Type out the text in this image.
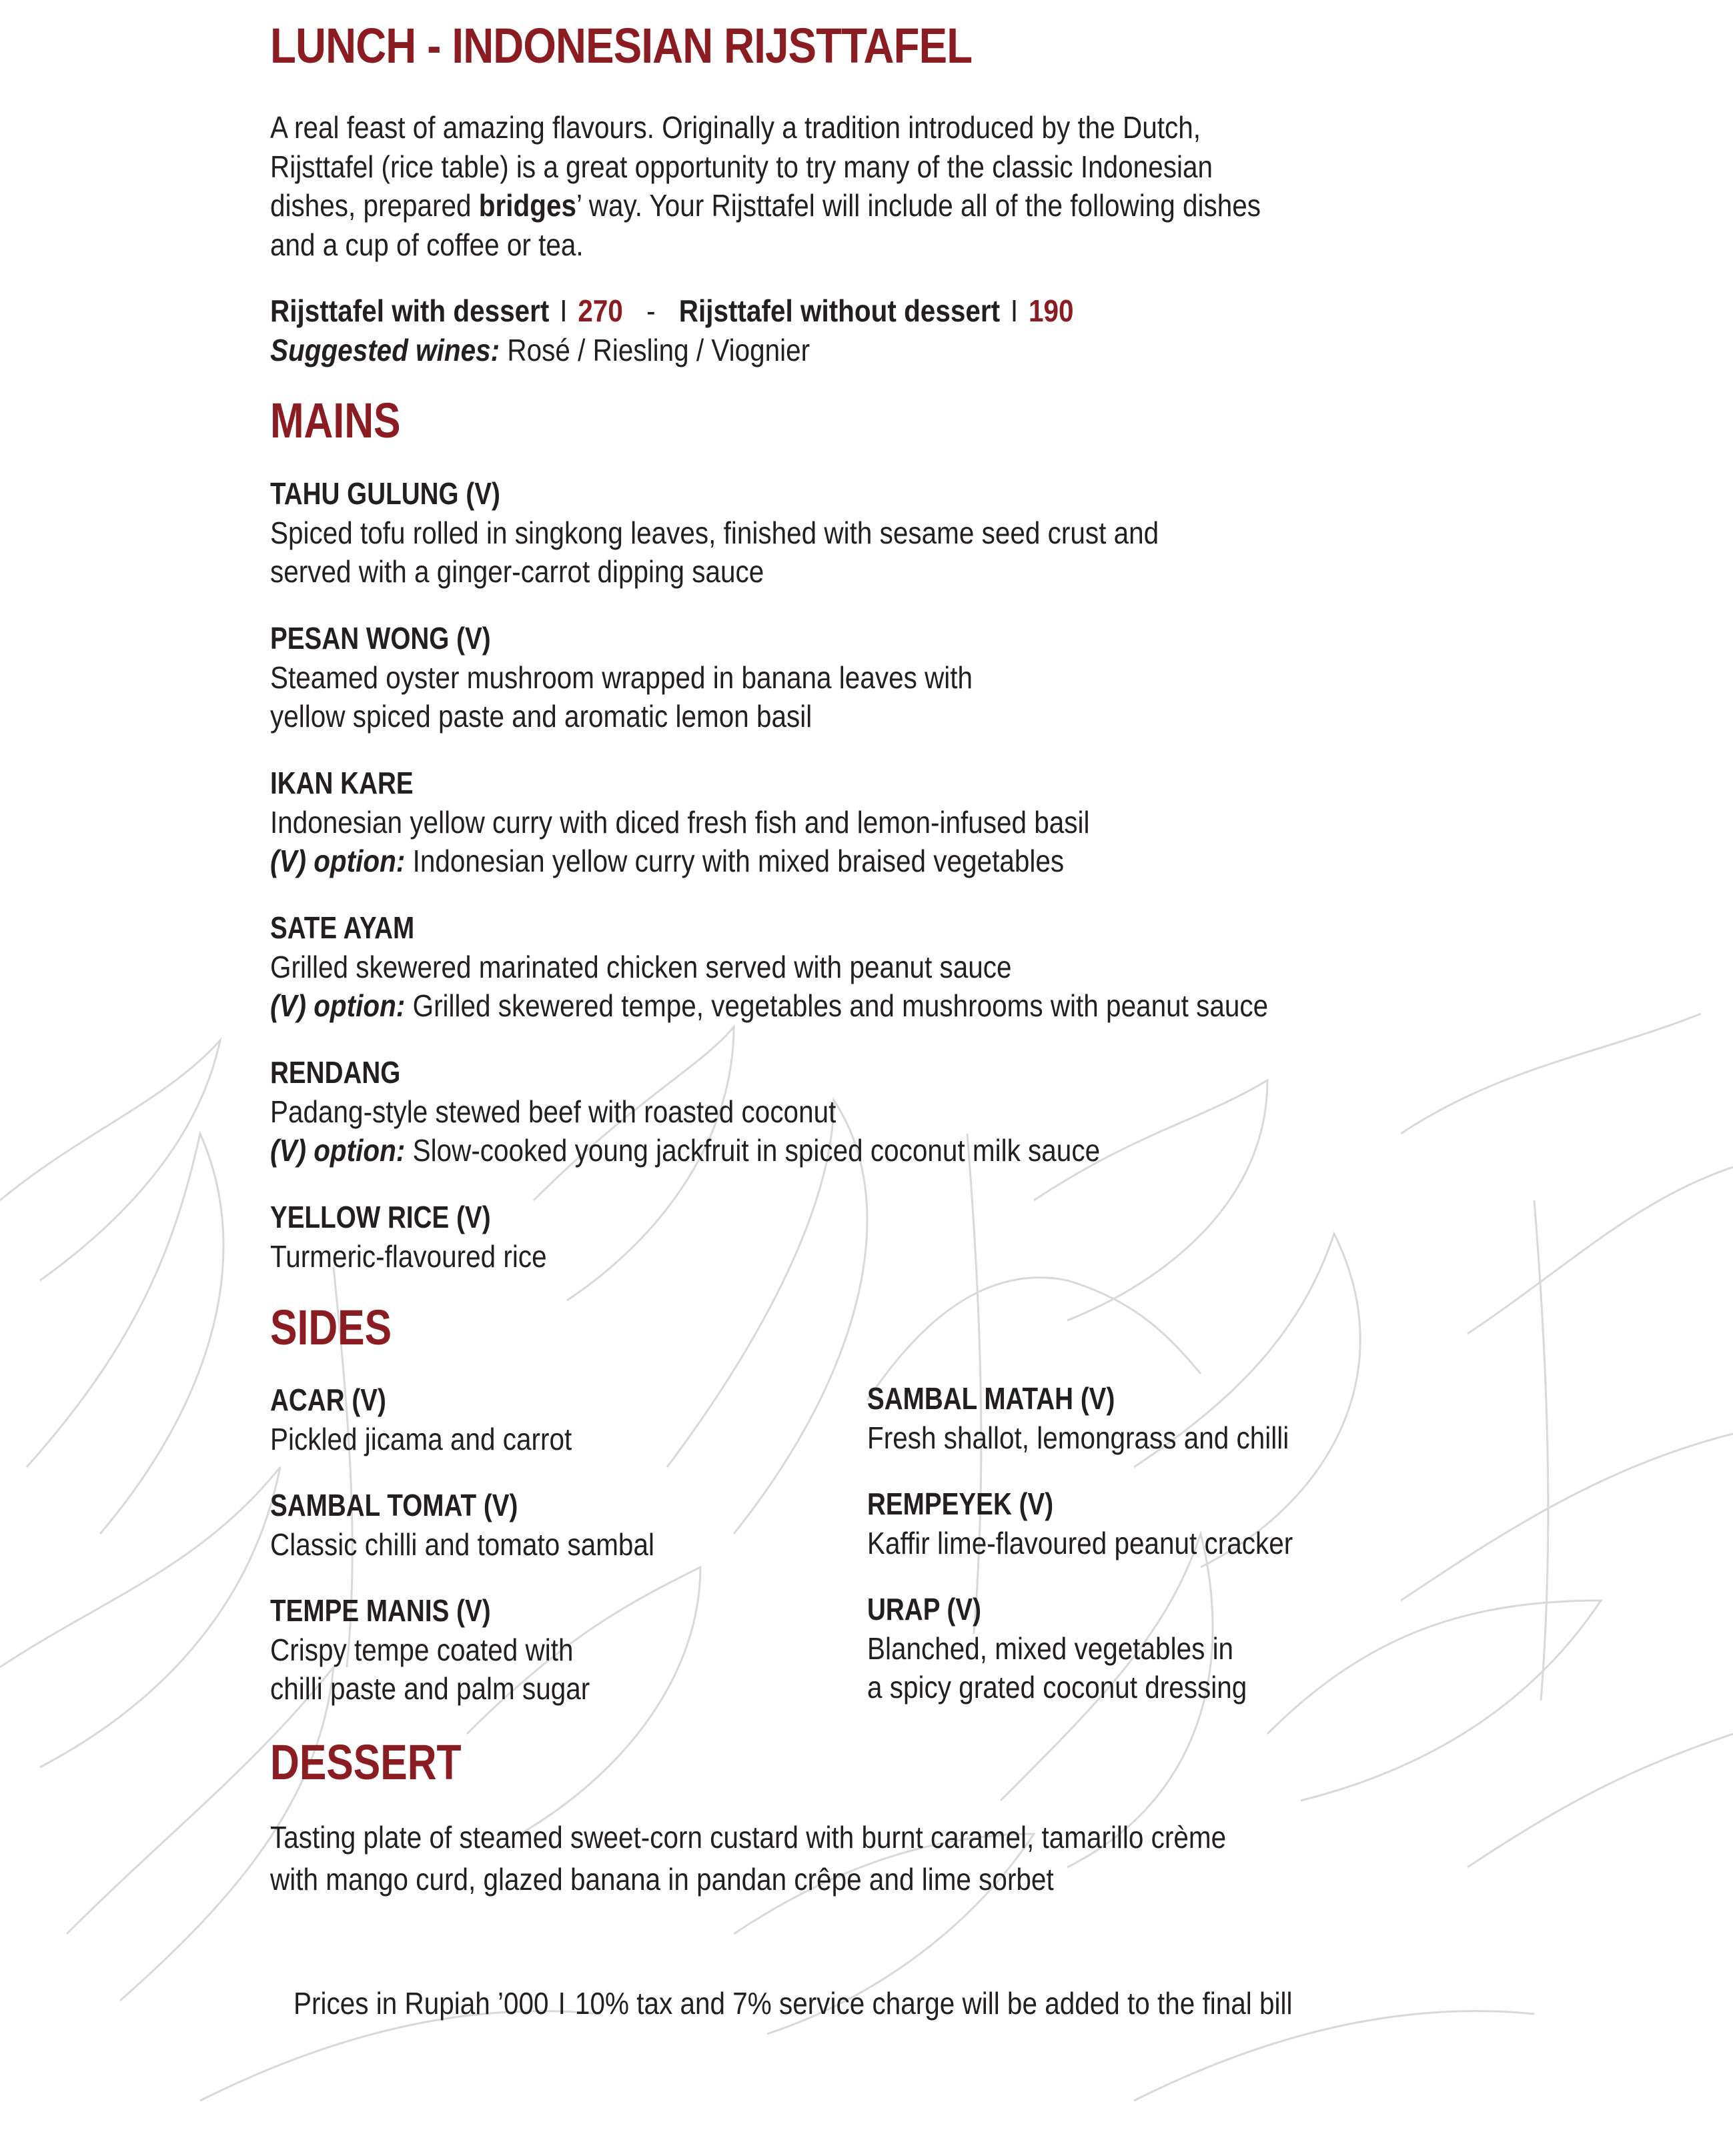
LUNCH - INDONESIAN RIJSTTAFEL
A real feast of amazing flavours. Originally a tradition introduced by the Dutch,
Rijsttafel (rice table) is a great opportunity to try many of the classic Indonesian
dishes, prepared bridges’ way. Your Rijsttafel will include all of the following dishes
and a cup of coffee or tea.
Rijsttafel with dessert I 270 - Rijsttafel without dessert I 190
Suggested wines: Rosé / Riesling / Viognier
MAINS
TAHU GULUNG (V)
Spiced tofu rolled in singkong leaves, finished with sesame seed crust and
served with a ginger-carrot dipping sauce
PESAN WONG (V)
Steamed oyster mushroom wrapped in banana leaves with
yellow spiced paste and aromatic lemon basil
IKAN KARE
Indonesian yellow curry with diced fresh fish and lemon-infused basil
(V) option: Indonesian yellow curry with mixed braised vegetables
SATE AYAM
Grilled skewered marinated chicken served with peanut sauce
(V) option: Grilled skewered tempe, vegetables and mushrooms with peanut sauce
RENDANG
Padang-style stewed beef with roasted coconut
(V) option: Slow-cooked young jackfruit in spiced coconut milk sauce
YELLOW RICE (V)
Turmeric-flavoured rice
SIDES
ACAR (V)
Pickled jicama and carrot
SAMBAL MATAH (V)
Fresh shallot, lemongrass and chilli
SAMBAL TOMAT (V)
Classic chilli and tomato sambal
REMPEYEK (V)
Kaffir lime-flavoured peanut cracker
TEMPE MANIS (V)
Crispy tempe coated with
chilli paste and palm sugar
URAP (V)
Blanched, mixed vegetables in
a spicy grated coconut dressing
DESSERT
Tasting plate of steamed sweet-corn custard with burnt caramel, tamarillo crème
with mango curd, glazed banana in pandan crêpe and lime sorbet
Prices in Rupiah ’000 I 10% tax and 7% service charge will be added to the final bill
